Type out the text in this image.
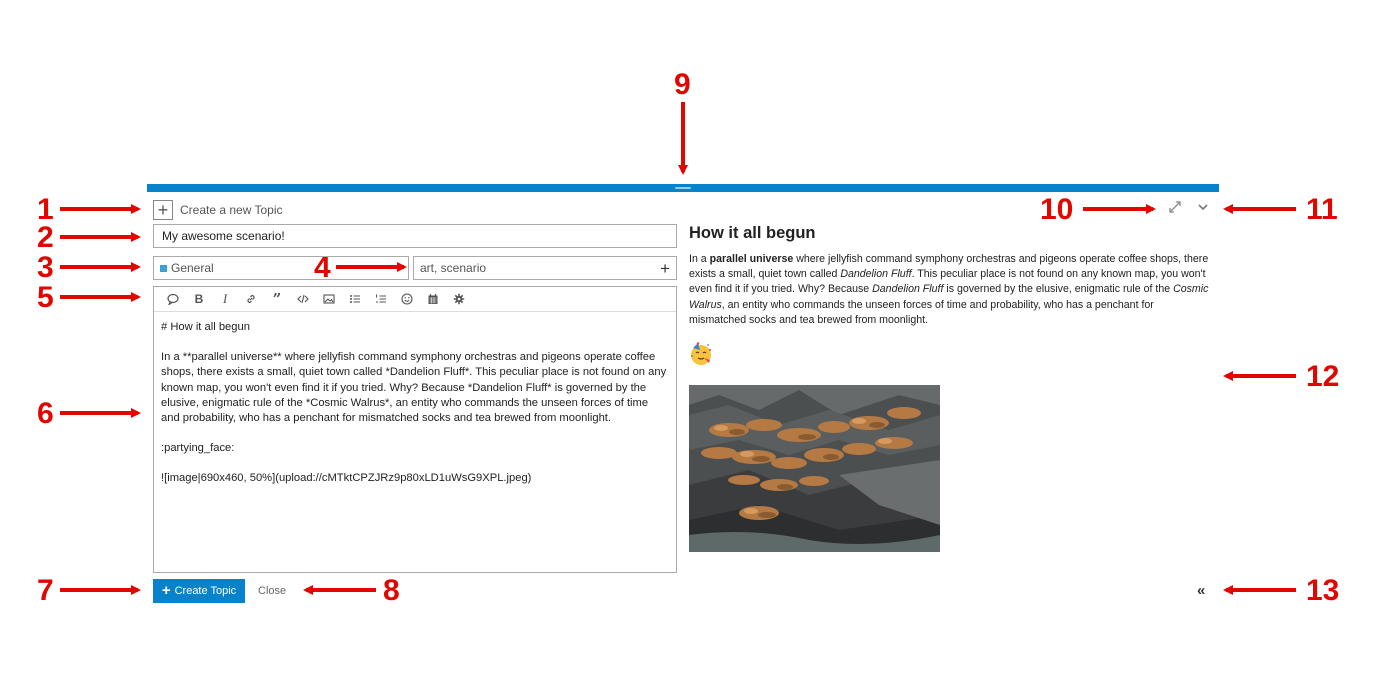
1
2
3	4
5
6
7	8
9
10	11
12
13
+ Create a new Topic
My awesome scenario!
General	art, scenario	+
B	I	”
# How it all begun
In a **parallel universe** where jellyfish command symphony orchestras and pigeons operate coffee shops, there exists a small, quiet town called *Dandelion Fluff*. This peculiar place is not found on any known map, you won't even find it if you tried. Why? Because *Dandelion Fluff* is governed by the elusive, enigmatic rule of the *Cosmic Walrus*, an entity who commands the unseen forces of time and probability, who has a penchant for mismatched socks and tea brewed from moonlight.
:partying_face:
![image|690x460, 50%](upload://cMTktCPZJRz9p80xLD1uWsG9XPL.jpeg)
+ Create Topic Close
How it all begun

In a parallel universe where jellyfish command symphony orchestras and pigeons operate coffee shops, there exists a small, quiet town called Dandelion Fluff. This peculiar place is not found on any known map, you won't even find it if you tried. Why? Because Dandelion Fluff is governed by the elusive, enigmatic rule of the Cosmic Walrus, an entity who commands the unseen forces of time and probability, who has a penchant for mismatched socks and tea brewed from moonlight.

«
